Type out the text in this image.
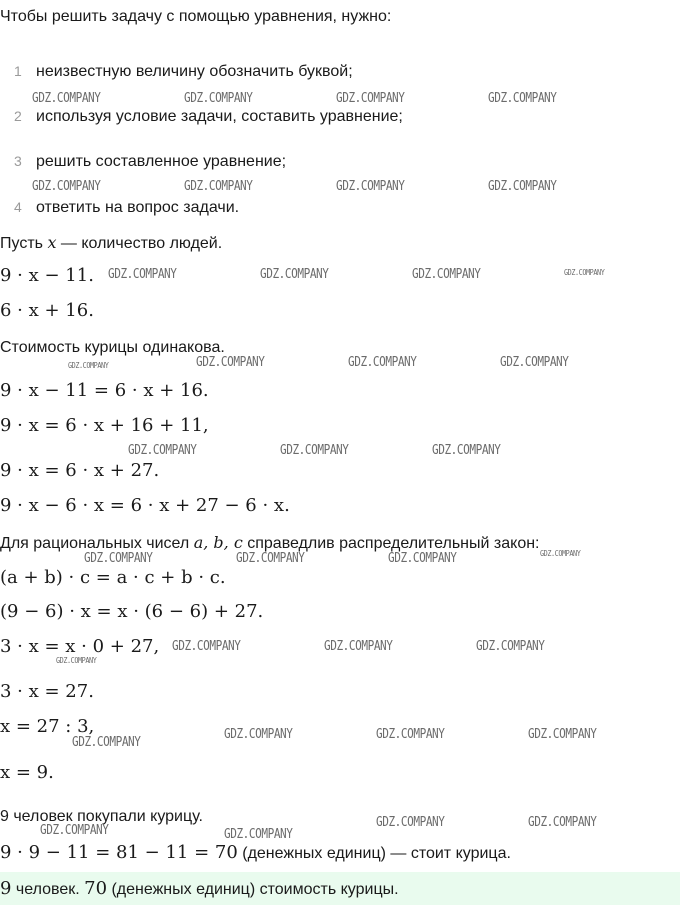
Чтобы решить задачу с помощью уравнения, нужно:
1 неизвестную величину обозначить буквой;
2 используя условие задачи, составить уравнение;
3 решить составленное уравнение;
4 ответить на вопрос задачи.
Пусть x — количество людей.
9 · x − 11.
6 · x + 16.
Стоимость курицы одинакова.
9 · x − 11 = 6 · x + 16.
9 · x = 6 · x + 16 + 11,
9 · x = 6 · x + 27.
9 · x − 6 · x = 6 · x + 27 − 6 · x.
Для рациональных чисел a, b, c справедлив распределительный закон:
(a + b) · c = a · c + b · c.
(9 − 6) · x = x · (6 − 6) + 27.
3 · x = x · 0 + 27,
3 · x = 27.
x = 27 : 3,
x = 9.
9 человек покупали курицу.
9 · 9 − 11 = 81 − 11 = 70 (денежных единиц) — стоит курица.
9 человек. 70 (денежных единиц) стоимость курицы.
GDZ.COMPANY	GDZ.COMPANY	GDZ.COMPANY	GDZ.COMPANY
GDZ.COMPANY	GDZ.COMPANY	GDZ.COMPANY	GDZ.COMPANY
GDZ.COMPANY	GDZ.COMPANY	GDZ.COMPANY	GDZ.COMPANY
GDZ.COMPANY	GDZ.COMPANY	GDZ.COMPANY	GDZ.COMPANY
GDZ.COMPANY	GDZ.COMPANY	GDZ.COMPANY
GDZ.COMPANY	GDZ.COMPANY	GDZ.COMPANY	GDZ.COMPANY
GDZ.COMPANY	GDZ.COMPANY	GDZ.COMPANY
GDZ.COMPANY
GDZ.COMPANY
GDZ.COMPANY	GDZ.COMPANY	GDZ.COMPANY
GDZ.COMPANY	GDZ.COMPANY
GDZ.COMPANY	GDZ.COMPANY
